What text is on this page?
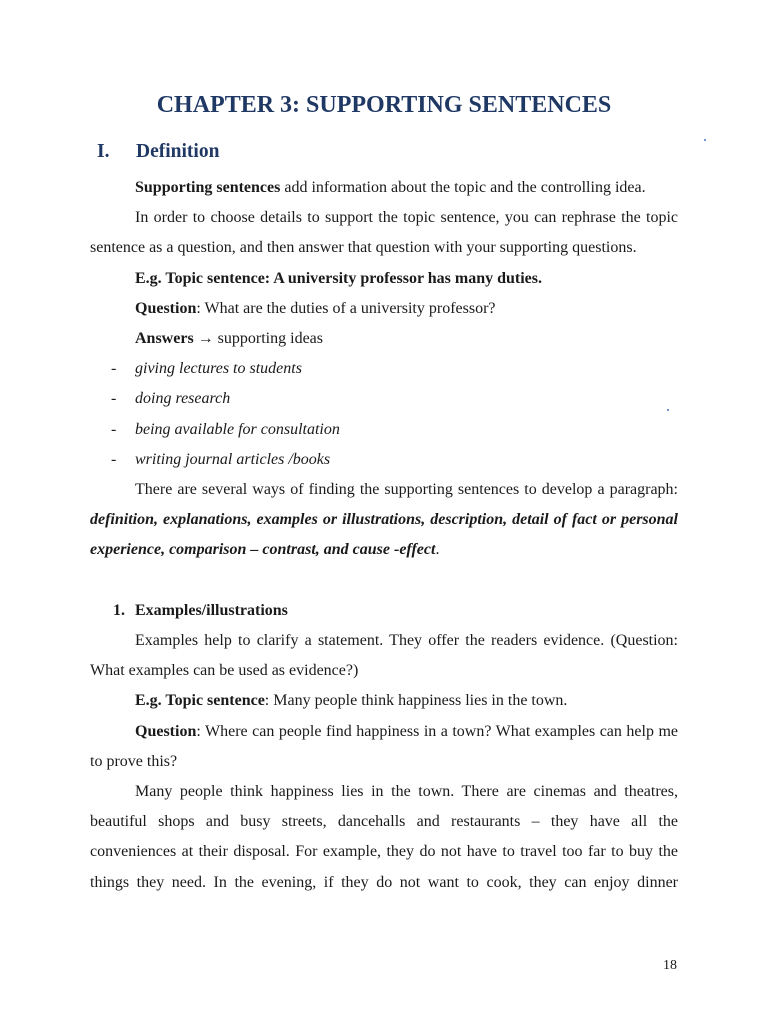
CHAPTER 3: SUPPORTING SENTENCES
I. Definition

Supporting sentences add information about the topic and the controlling idea.

In order to choose details to support the topic sentence, you can rephrase the topic sentence as a question, and then answer that question with your supporting questions.

E.g. Topic sentence: A university professor has many duties.

Question: What are the duties of a university professor?

Answers → supporting ideas

- giving lectures to students

- doing research

- being available for consultation

- writing journal articles /books

There are several ways of finding the supporting sentences to develop a paragraph: definition, explanations, examples or illustrations, description, detail of fact or personal experience, comparison – contrast, and cause -effect.

1. Examples/illustrations

Examples help to clarify a statement. They offer the readers evidence. (Question: What examples can be used as evidence?)

E.g. Topic sentence: Many people think happiness lies in the town.

Question: Where can people find happiness in a town? What examples can help me to prove this?

Many people think happiness lies in the town. There are cinemas and theatres, beautiful shops and busy streets, dancehalls and restaurants – they have all the conveniences at their disposal. For example, they do not have to travel too far to buy the things they need. In the evening, if they do not want to cook, they can enjoy dinner

18
